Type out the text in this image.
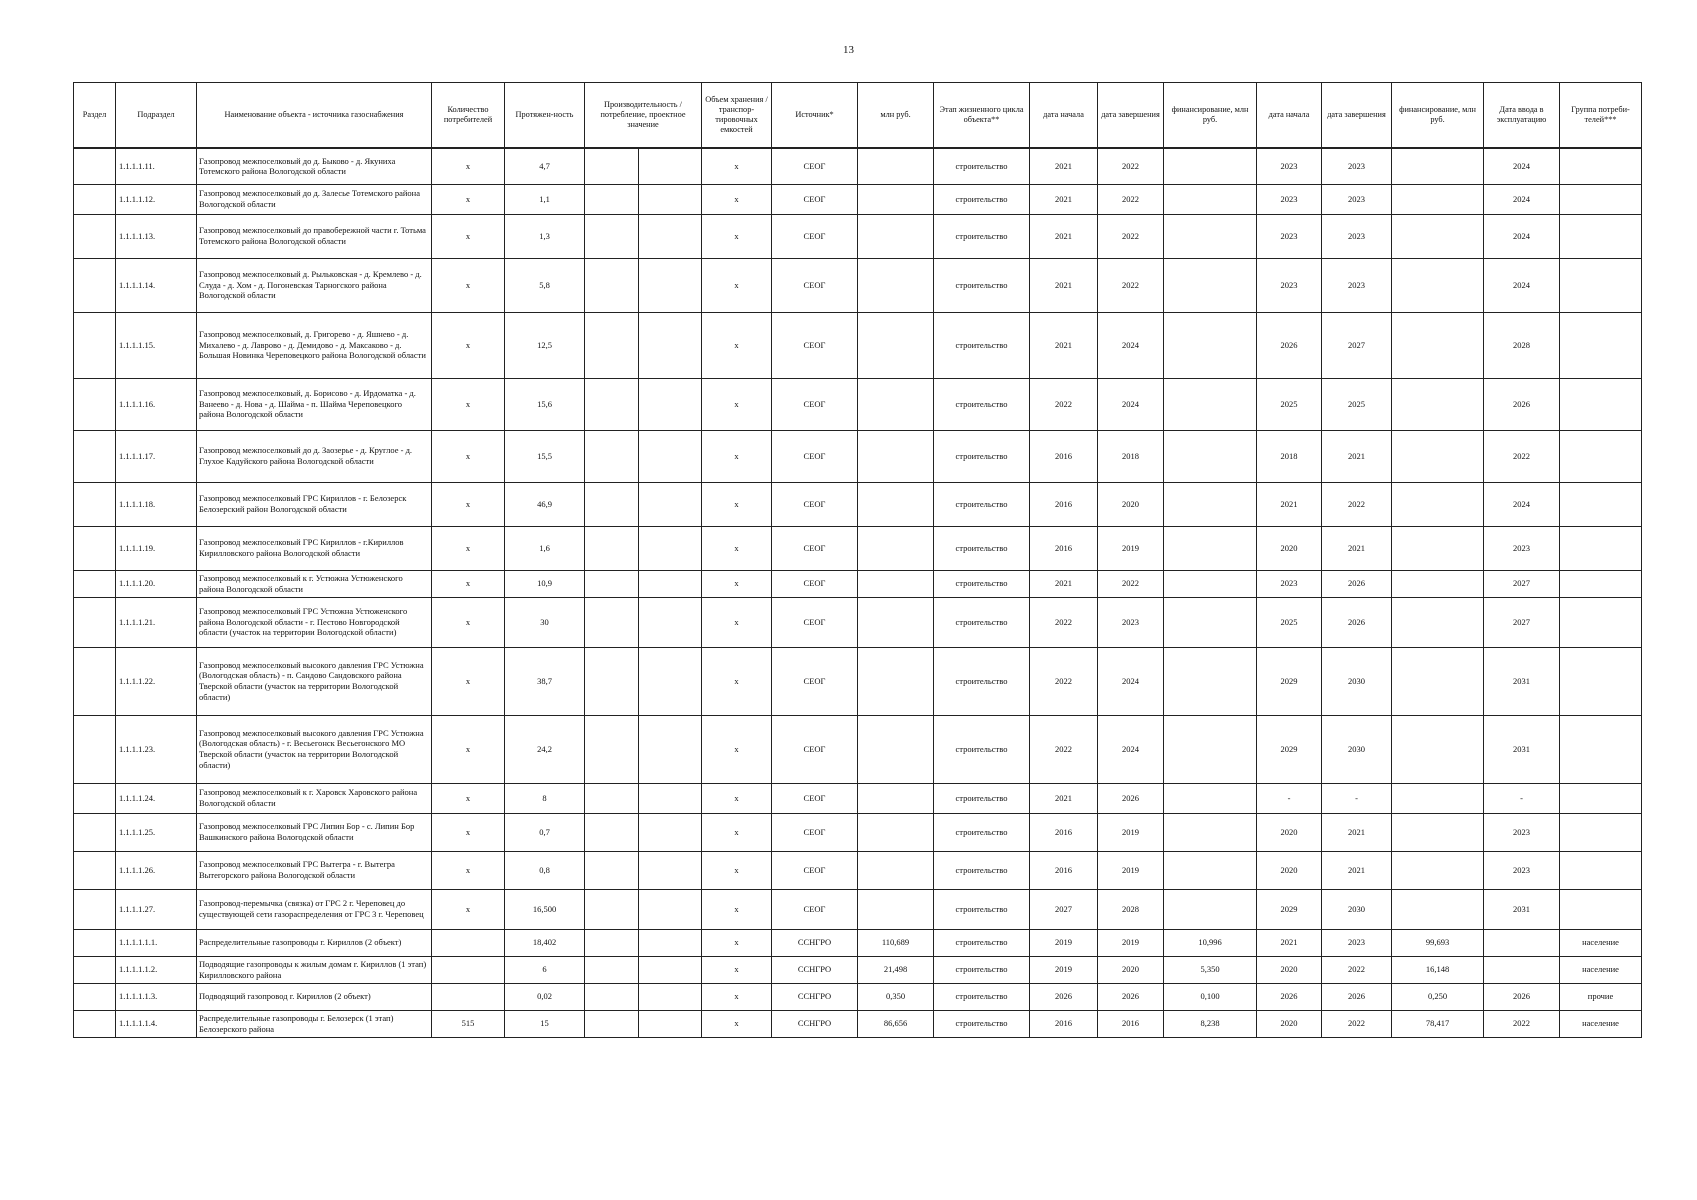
13
Раздел	Подраздел	Наименование объекта - источника газоснабжения	Количество потребителей	Протяжен-ность	Производительность / потребление, проектное значение		Объем хранения / транспор-тировочных емкостей	Источник*	млн руб.	Этап жизненного цикла объекта**	дата начала	дата завершения	финансирование, млн руб.	дата начала	дата завершения	финансирование, млн руб.	Дата ввода в эксплуатацию	Группа потреби-телей***
	1.1.1.1.11.	Газопровод межпоселковый до д. Быково - д. Якуниха Тотемского района Вологодской области	х	4,7			х	СЕОГ		строительство	2021	2022		2023	2023		2024	
	1.1.1.1.12.	Газопровод межпоселковый до д. Залесье Тотемского района Вологодской области	х	1,1			х	СЕОГ		строительство	2021	2022		2023	2023		2024	
	1.1.1.1.13.	Газопровод межпоселковый до правобережной части г. Тотьма Тотемского района Вологодской области	х	1,3			х	СЕОГ		строительство	2021	2022		2023	2023		2024	
	1.1.1.1.14.	Газопровод межпоселковый д. Рыльковская - д. Кремлево - д. Слуда - д. Хом - д. Погоневская Тарногского района Вологодской области	х	5,8			х	СЕОГ		строительство	2021	2022		2023	2023		2024	
	1.1.1.1.15.	Газопровод межпоселковый, д. Григорево - д. Яшнево - д. Михалево - д. Лаврово - д. Демидово - д. Максаково - д. Большая Новинка Череповецкого района Вологодской области	х	12,5			х	СЕОГ		строительство	2021	2024		2026	2027		2028	
	1.1.1.1.16.	Газопровод межпоселковый, д. Борисово - д. Ирдоматка - д. Ванеево - д. Нова - д. Шайма - п. Шайма Череповецкого района Вологодской области	х	15,6			х	СЕОГ		строительство	2022	2024		2025	2025		2026	
	1.1.1.1.17.	Газопровод межпоселковый до д. Заозерье - д. Круглое - д. Глухое Кадуйского района Вологодской области	х	15,5			х	СЕОГ		строительство	2016	2018		2018	2021		2022	
	1.1.1.1.18.	Газопровод межпоселковый ГРС Кириллов - г. Белозерск Белозерский район Вологодской области	х	46,9			х	СЕОГ		строительство	2016	2020		2021	2022		2024	
	1.1.1.1.19.	Газопровод межпоселковый ГРС Кириллов - г.Кириллов Кирилловского района Вологодской области	х	1,6			х	СЕОГ		строительство	2016	2019		2020	2021		2023	
	1.1.1.1.20.	Газопровод межпоселковый к г. Устюжна Устюженского района Вологодской области	х	10,9			х	СЕОГ		строительство	2021	2022		2023	2026		2027	
	1.1.1.1.21.	Газопровод межпоселковый ГРС Устюжна Устюженского района Вологодской области - г. Пестово Новгородской области (участок на территории Вологодской области)	х	30			х	СЕОГ		строительство	2022	2023		2025	2026		2027	
	1.1.1.1.22.	Газопровод межпоселковый высокого давления ГРС Устюжна (Вологодская область) - п. Сандово Сандовского района Тверской области (участок на территории Вологодской области)	х	38,7			х	СЕОГ		строительство	2022	2024		2029	2030		2031	
	1.1.1.1.23.	Газопровод межпоселковый высокого давления ГРС Устюжна (Вологодская область) - г. Весьегонск Весьегонского МО Тверской области (участок на территории Вологодской области)	х	24,2			х	СЕОГ		строительство	2022	2024		2029	2030		2031	
	1.1.1.1.24.	Газопровод межпоселковый к г. Харовск Харовского района Вологодской области	х	8			х	СЕОГ		строительство	2021	2026		-	-		-	
	1.1.1.1.25.	Газопровод межпоселковый ГРС Липин Бор - с. Липин Бор Вашкинского района Вологодской области	х	0,7			х	СЕОГ		строительство	2016	2019		2020	2021		2023	
	1.1.1.1.26.	Газопровод межпоселковый ГРС Вытегра - г. Вытегра Вытегорского района Вологодской области	х	0,8			х	СЕОГ		строительство	2016	2019		2020	2021		2023	
	1.1.1.1.27.	Газопровод-перемычка (связка) от ГРС 2 г. Череповец до существующей сети газораспределения от ГРС 3 г. Череповец	х	16,500			х	СЕОГ		строительство	2027	2028		2029	2030		2031	
	1.1.1.1.1.1.	Распределительные газопроводы г. Кириллов (2 объект)		18,402			х	ССНГРО	110,689	строительство	2019	2019	10,996	2021	2023	99,693		население
	1.1.1.1.1.2.	Подводящие газопроводы к жилым домам г. Кириллов (1 этап) Кирилловского района		6			х	ССНГРО	21,498	строительство	2019	2020	5,350	2020	2022	16,148		население
	1.1.1.1.1.3.	Подводящий газопровод г. Кириллов (2 объект)		0,02			х	ССНГРО	0,350	строительство	2026	2026	0,100	2026	2026	0,250	2026	прочие
	1.1.1.1.1.4.	Распределительные газопроводы г. Белозерск (1 этап) Белозерского района	515	15			х	ССНГРО	86,656	строительство	2016	2016	8,238	2020	2022	78,417	2022	население
